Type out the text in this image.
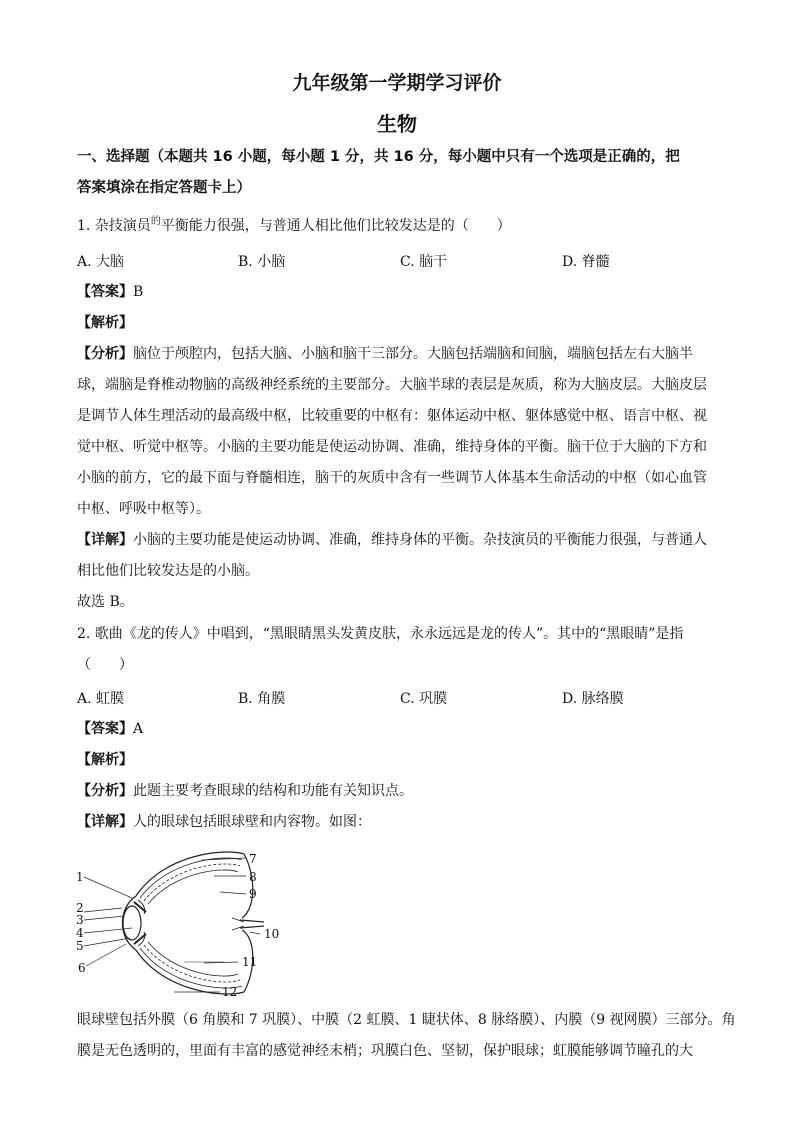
九年级第一学期学习评价
生物
一、选择题（本题共 16 小题，每小题 1 分，共 16 分，每小题中只有一个选项是正确的，把
答案填涂在指定答题卡上）
1. 杂技演员$^的$平衡能力很强，与普通人相比他们比较发达是的（　　）
A. 大脑	B. 小脑	C. 脑干	D. 脊髓
【答案】B
【解析】
【分析】脑位于颅腔内，包括大脑、小脑和脑干三部分。大脑包括端脑和间脑，端脑包括左右大脑半
球，端脑是脊椎动物脑的高级神经系统的主要部分。大脑半球的表层是灰质，称为大脑皮层。大脑皮层
是调节人体生理活动的最高级中枢，比较重要的中枢有：躯体运动中枢、躯体感觉中枢、语言中枢、视
觉中枢、听觉中枢等。小脑的主要功能是使运动协调、准确，维持身体的平衡。脑干位于大脑的下方和
小脑的前方，它的最下面与脊髓相连，脑干的灰质中含有一些调节人体基本生命活动的中枢（如心血管
中枢、呼吸中枢等）。
【详解】小脑的主要功能是使运动协调、准确，维持身体的平衡。杂技演员的平衡能力很强，与普通人
相比他们比较发达是的小脑。
故选 B。
2. 歌曲《龙的传人》中唱到，“黑眼睛黑头发黄皮肤，永永远远是龙的传人”。其中的“黑眼睛”是指
（　　）
A. 虹膜	B. 角膜	C. 巩膜	D. 脉络膜
【答案】A
【解析】
【分析】此题主要考查眼球的结构和功能有关知识点。
【详解】人的眼球包括眼球壁和内容物。如图：
1
2
3
4
5
6
7
8
9
10
11
12
眼球壁包括外膜（6 角膜和 7 巩膜）、中膜（2 虹膜、1 睫状体、8 脉络膜）、内膜（9 视网膜）三部分。角
膜是无色透明的，里面有丰富的感觉神经末梢；巩膜白色、坚韧，保护眼球；虹膜能够调节瞳孔的大
